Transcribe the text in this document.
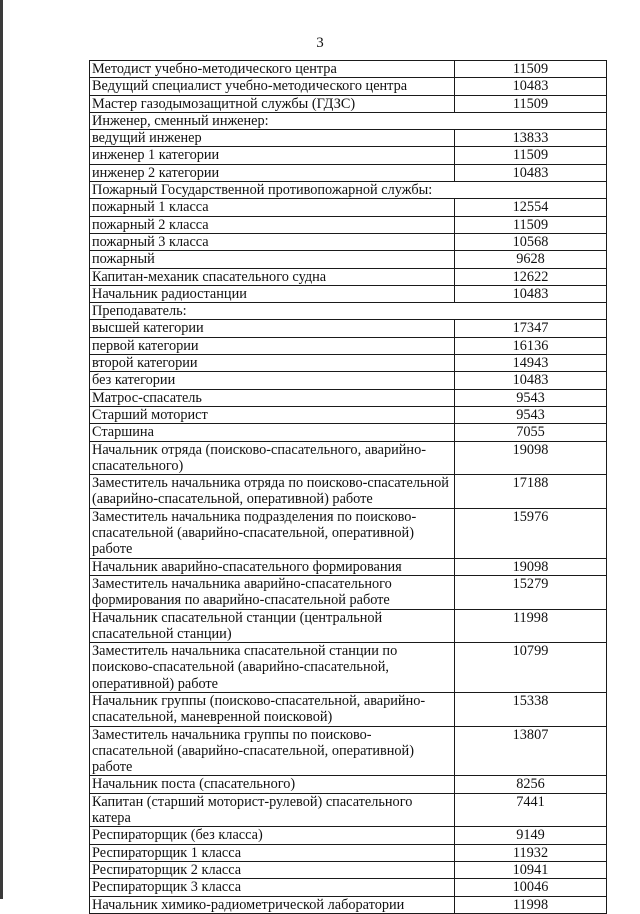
3
Методист учебно-методического центра	11509
Ведущий специалист учебно-методического центра	10483
Мастер газодымозащитной службы (ГДЗС)	11509
Инженер, сменный инженер:	
ведущий инженер	13833
инженер 1 категории	11509
инженер 2 категории	10483
Пожарный Государственной противопожарной службы:	
пожарный 1 класса	12554
пожарный 2 класса	11509
пожарный 3 класса	10568
пожарный	9628
Капитан-механик спасательного судна	12622
Начальник радиостанции	10483
Преподаватель:	
высшей категории	17347
первой категории	16136
второй категории	14943
без категории	10483
Матрос-спасатель	9543
Старший моторист	9543
Старшина	7055
Начальник отряда (поисково-спасательного, аварийно-спасательного)	19098
Заместитель начальника отряда по поисково-спасательной (аварийно-спасательной, оперативной) работе	17188
Заместитель начальника подразделения по поисково-спасательной (аварийно-спасательной, оперативной) работе	15976
Начальник аварийно-спасательного формирования	19098
Заместитель начальника аварийно-спасательного формирования по аварийно-спасательной работе	15279
Начальник спасательной станции (центральной спасательной станции)	11998
Заместитель начальника спасательной станции по поисково-спасательной (аварийно-спасательной, оперативной) работе	10799
Начальник группы (поисково-спасательной, аварийно-спасательной, маневренной поисковой)	15338
Заместитель начальника группы по поисково-спасательной (аварийно-спасательной, оперативной) работе	13807
Начальник поста (спасательного)	8256
Капитан (старший моторист-рулевой) спасательного катера	7441
Респираторщик (без класса)	9149
Респираторщик 1 класса	11932
Респираторщик 2 класса	10941
Респираторщик 3 класса	10046
Начальник химико-радиометрической лаборатории	11998
